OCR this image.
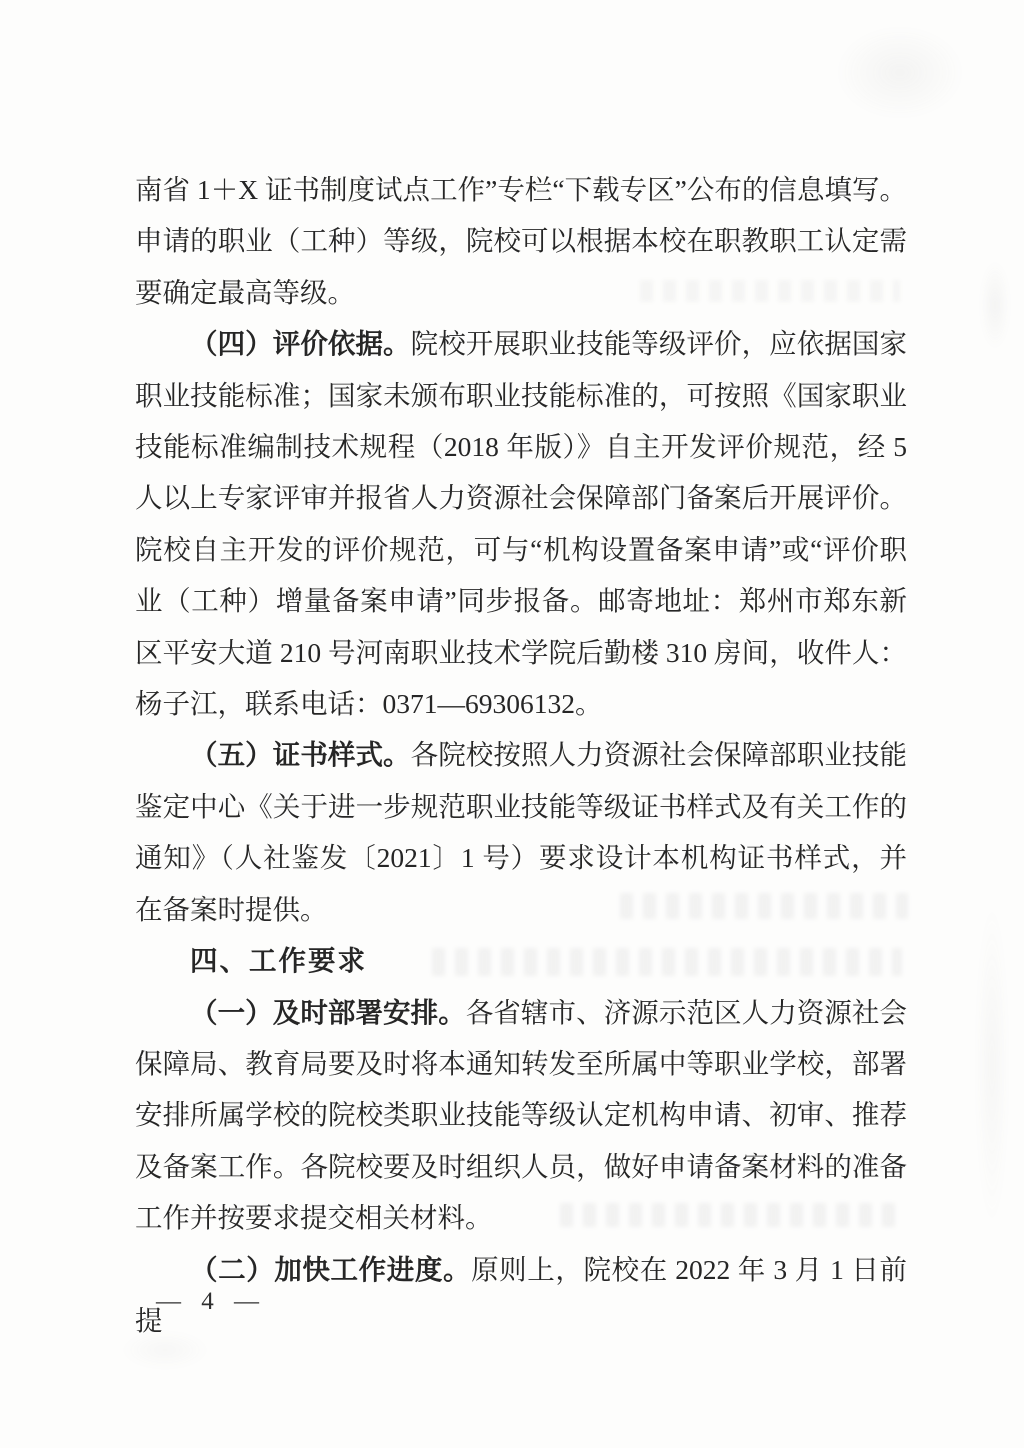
南省 1＋X 证书制度试点工作”专栏“下载专区”公布的信息填写。申请的职业（工种）等级，院校可以根据本校在职教职工认定需要确定最高等级。

（四）评价依据。院校开展职业技能等级评价，应依据国家职业技能标准；国家未颁布职业技能标准的，可按照《国家职业技能标准编制技术规程（2018 年版）》自主开发评价规范，经 5 人以上专家评审并报省人力资源社会保障部门备案后开展评价。院校自主开发的评价规范，可与“机构设置备案申请”或“评价职业（工种）增量备案申请”同步报备。邮寄地址：郑州市郑东新区平安大道 210 号河南职业技术学院后勤楼 310 房间，收件人：杨子江，联系电话：0371—69306132。

（五）证书样式。各院校按照人力资源社会保障部职业技能鉴定中心《关于进一步规范职业技能等级证书样式及有关工作的通知》（人社鉴发〔2021〕1 号）要求设计本机构证书样式，并在备案时提供。

四、工作要求

（一）及时部署安排。各省辖市、济源示范区人力资源社会保障局、教育局要及时将本通知转发至所属中等职业学校，部署安排所属学校的院校类职业技能等级认定机构申请、初审、推荐及备案工作。各院校要及时组织人员，做好申请备案材料的准备工作并按要求提交相关材料。

（二）加快工作进度。原则上，院校在 2022 年 3 月 1 日前提

— 4 —
